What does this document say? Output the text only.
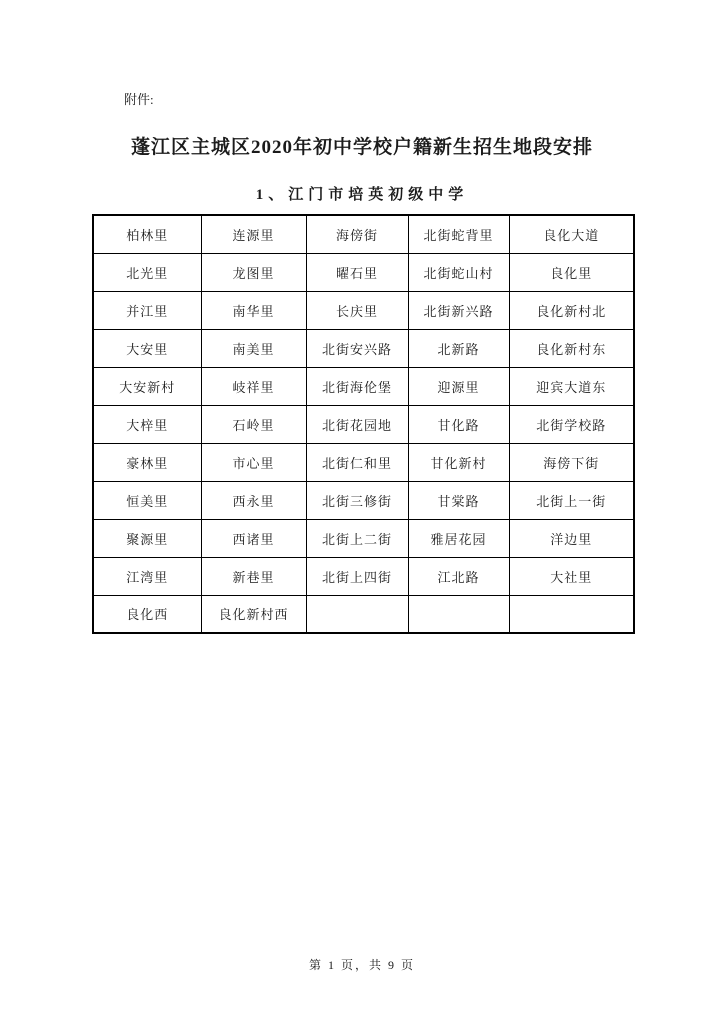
附件:
蓬江区主城区2020年初中学校户籍新生招生地段安排
1、江门市培英初级中学
柏林里	连源里	海傍街	北街蛇背里	良化大道
北光里	龙图里	曜石里	北街蛇山村	良化里
并江里	南华里	长庆里	北街新兴路	良化新村北
大安里	南美里	北街安兴路	北新路	良化新村东
大安新村	岐祥里	北街海伦堡	迎源里	迎宾大道东
大梓里	石岭里	北街花园地	甘化路	北街学校路
豪林里	市心里	北街仁和里	甘化新村	海傍下街
恒美里	西永里	北街三修街	甘棠路	北街上一街
聚源里	西诸里	北街上二街	雅居花园	洋边里
江湾里	新巷里	北街上四街	江北路	大社里
良化西	良化新村西			
第 1 页，共 9 页
